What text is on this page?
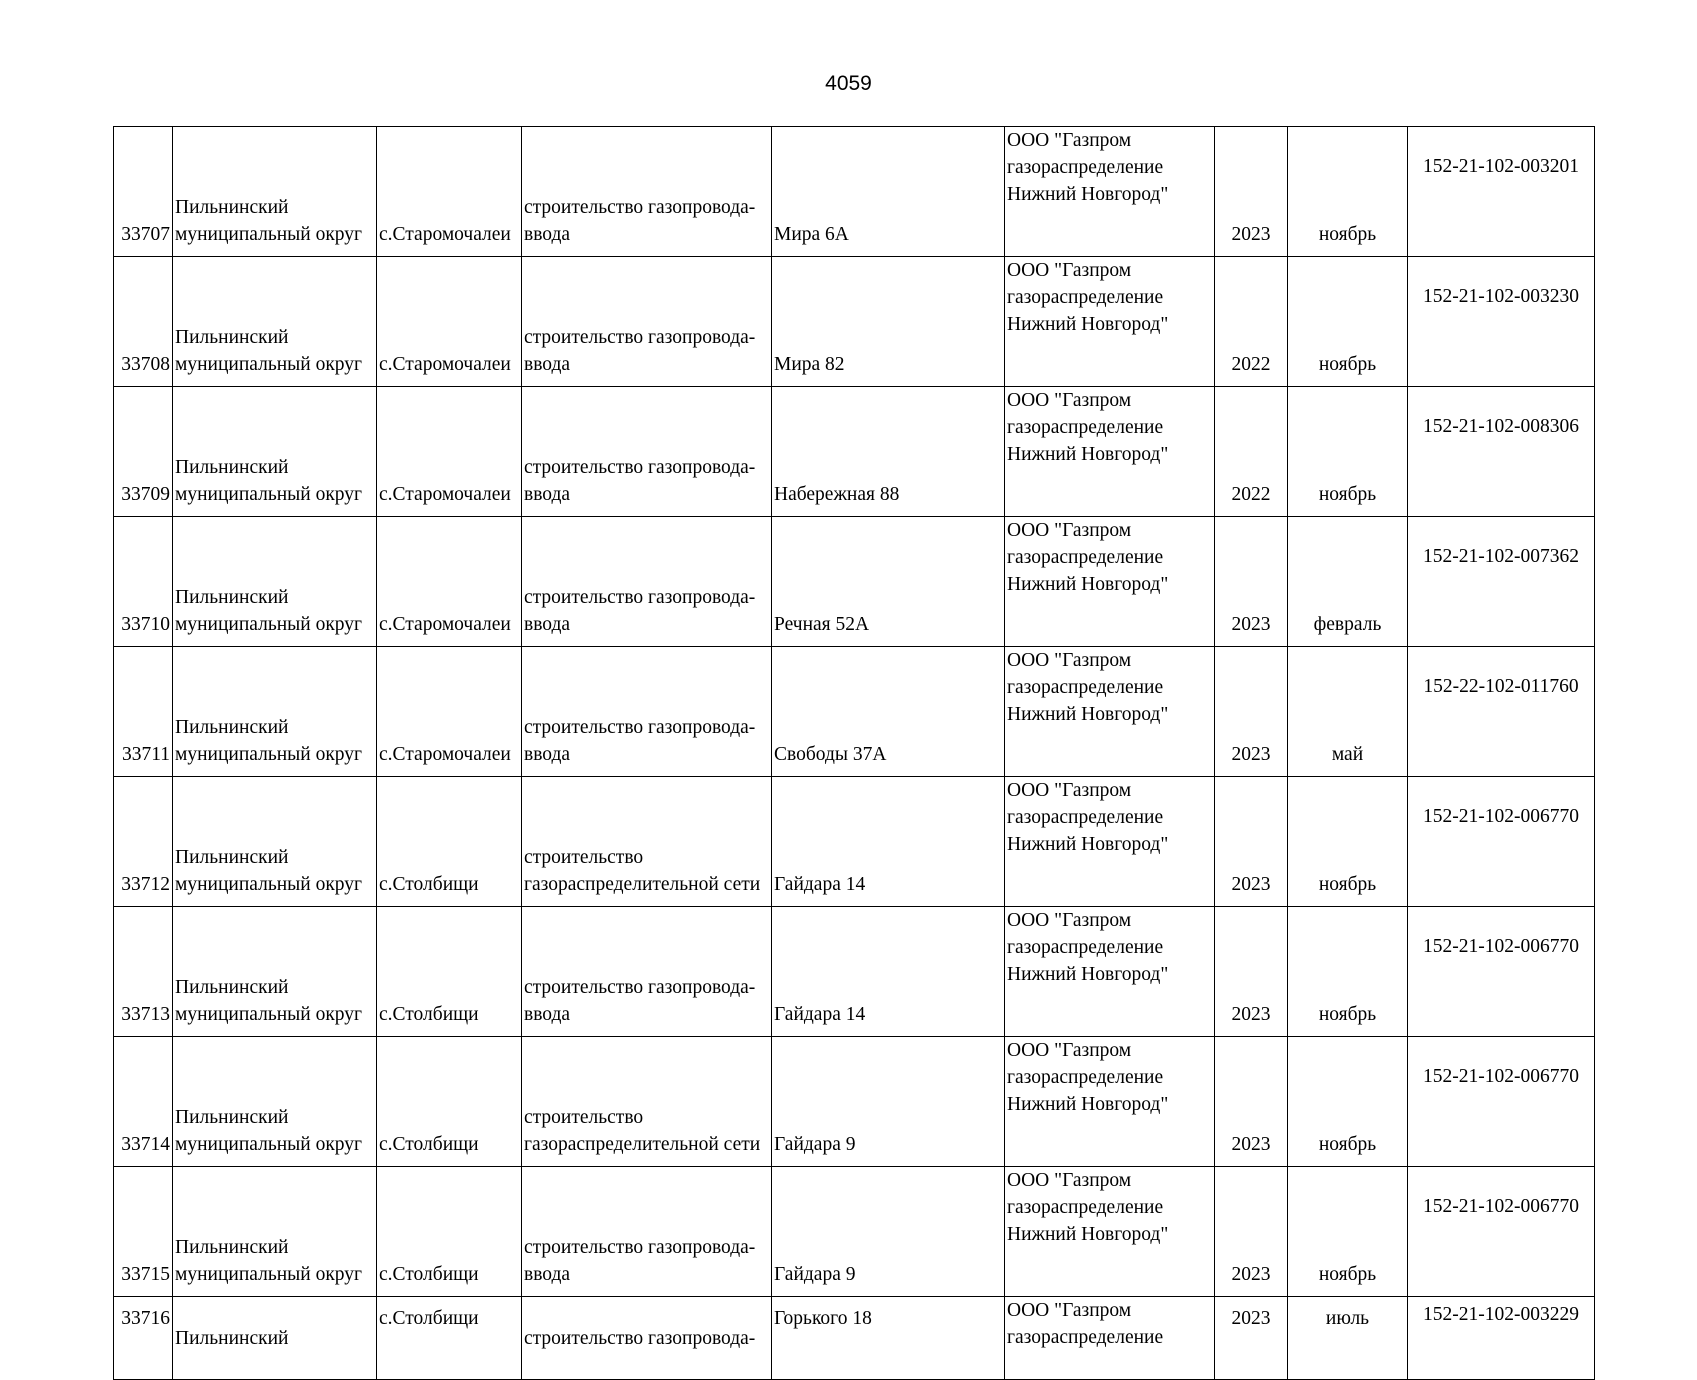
4059
33707	Пильнинский
муниципальный округ	с.Старомочалеи	строительство газопровода-
ввода	Мира 6А	ООО "Газпром
газораспределение
Нижний Новгород"	2023	ноябрь	152-21-102-003201
33708	Пильнинский
муниципальный округ	с.Старомочалеи	строительство газопровода-
ввода	Мира 82	ООО "Газпром
газораспределение
Нижний Новгород"	2022	ноябрь	152-21-102-003230
33709	Пильнинский
муниципальный округ	с.Старомочалеи	строительство газопровода-
ввода	Набережная 88	ООО "Газпром
газораспределение
Нижний Новгород"	2022	ноябрь	152-21-102-008306
33710	Пильнинский
муниципальный округ	с.Старомочалеи	строительство газопровода-
ввода	Речная 52А	ООО "Газпром
газораспределение
Нижний Новгород"	2023	февраль	152-21-102-007362
33711	Пильнинский
муниципальный округ	с.Старомочалеи	строительство газопровода-
ввода	Свободы 37А	ООО "Газпром
газораспределение
Нижний Новгород"	2023	май	152-22-102-011760
33712	Пильнинский
муниципальный округ	с.Столбищи	строительство
газораспределительной сети	Гайдара 14	ООО "Газпром
газораспределение
Нижний Новгород"	2023	ноябрь	152-21-102-006770
33713	Пильнинский
муниципальный округ	с.Столбищи	строительство газопровода-
ввода	Гайдара 14	ООО "Газпром
газораспределение
Нижний Новгород"	2023	ноябрь	152-21-102-006770
33714	Пильнинский
муниципальный округ	с.Столбищи	строительство
газораспределительной сети	Гайдара 9	ООО "Газпром
газораспределение
Нижний Новгород"	2023	ноябрь	152-21-102-006770
33715	Пильнинский
муниципальный округ	с.Столбищи	строительство газопровода-
ввода	Гайдара 9	ООО "Газпром
газораспределение
Нижний Новгород"	2023	ноябрь	152-21-102-006770
33716	Пильнинский	с.Столбищи	строительство газопровода-	Горького 18	ООО "Газпром
газораспределение	2023	июль	152-21-102-003229
